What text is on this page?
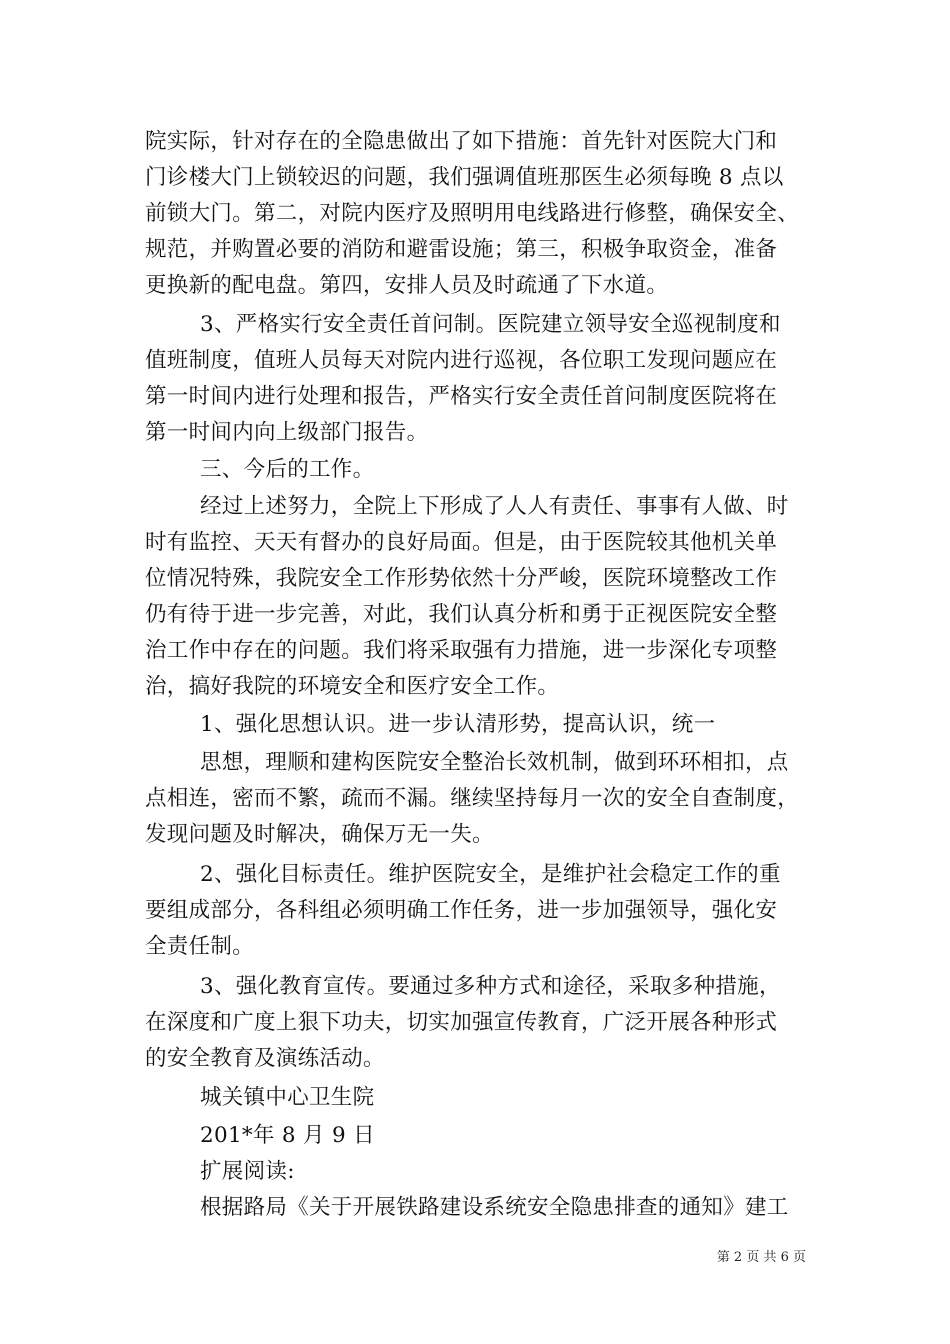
院实际，针对存在的全隐患做出了如下措施：首先针对医院大门和
门诊楼大门上锁较迟的问题，我们强调值班那医生必须每晚 8 点以
前锁大门。第二，对院内医疗及照明用电线路进行修整，确保安全、
规范，并购置必要的消防和避雷设施；第三，积极争取资金，准备
更换新的配电盘。第四，安排人员及时疏通了下水道。
3、严格实行安全责任首问制。医院建立领导安全巡视制度和
值班制度，值班人员每天对院内进行巡视，各位职工发现问题应在
第一时间内进行处理和报告，严格实行安全责任首问制度医院将在
第一时间内向上级部门报告。
三、今后的工作。
经过上述努力，全院上下形成了人人有责任、事事有人做、时
时有监控、天天有督办的良好局面。但是，由于医院较其他机关单
位情况特殊，我院安全工作形势依然十分严峻，医院环境整改工作
仍有待于进一步完善，对此，我们认真分析和勇于正视医院安全整
治工作中存在的问题。我们将采取强有力措施，进一步深化专项整
治，搞好我院的环境安全和医疗安全工作。
1、强化思想认识。进一步认清形势，提高认识，统一
思想，理顺和建构医院安全整治长效机制，做到环环相扣，点
点相连，密而不繁，疏而不漏。继续坚持每月一次的安全自查制度，
发现问题及时解决，确保万无一失。
2、强化目标责任。维护医院安全，是维护社会稳定工作的重
要组成部分，各科组必须明确工作任务，进一步加强领导，强化安
全责任制。
3、强化教育宣传。要通过多种方式和途径，采取多种措施，
在深度和广度上狠下功夫，切实加强宣传教育，广泛开展各种形式
的安全教育及演练活动。
城关镇中心卫生院
201*年 8 月 9 日
扩展阅读:
根据路局《关于开展铁路建设系统安全隐患排查的通知》建工
第 2 页 共 6 页
